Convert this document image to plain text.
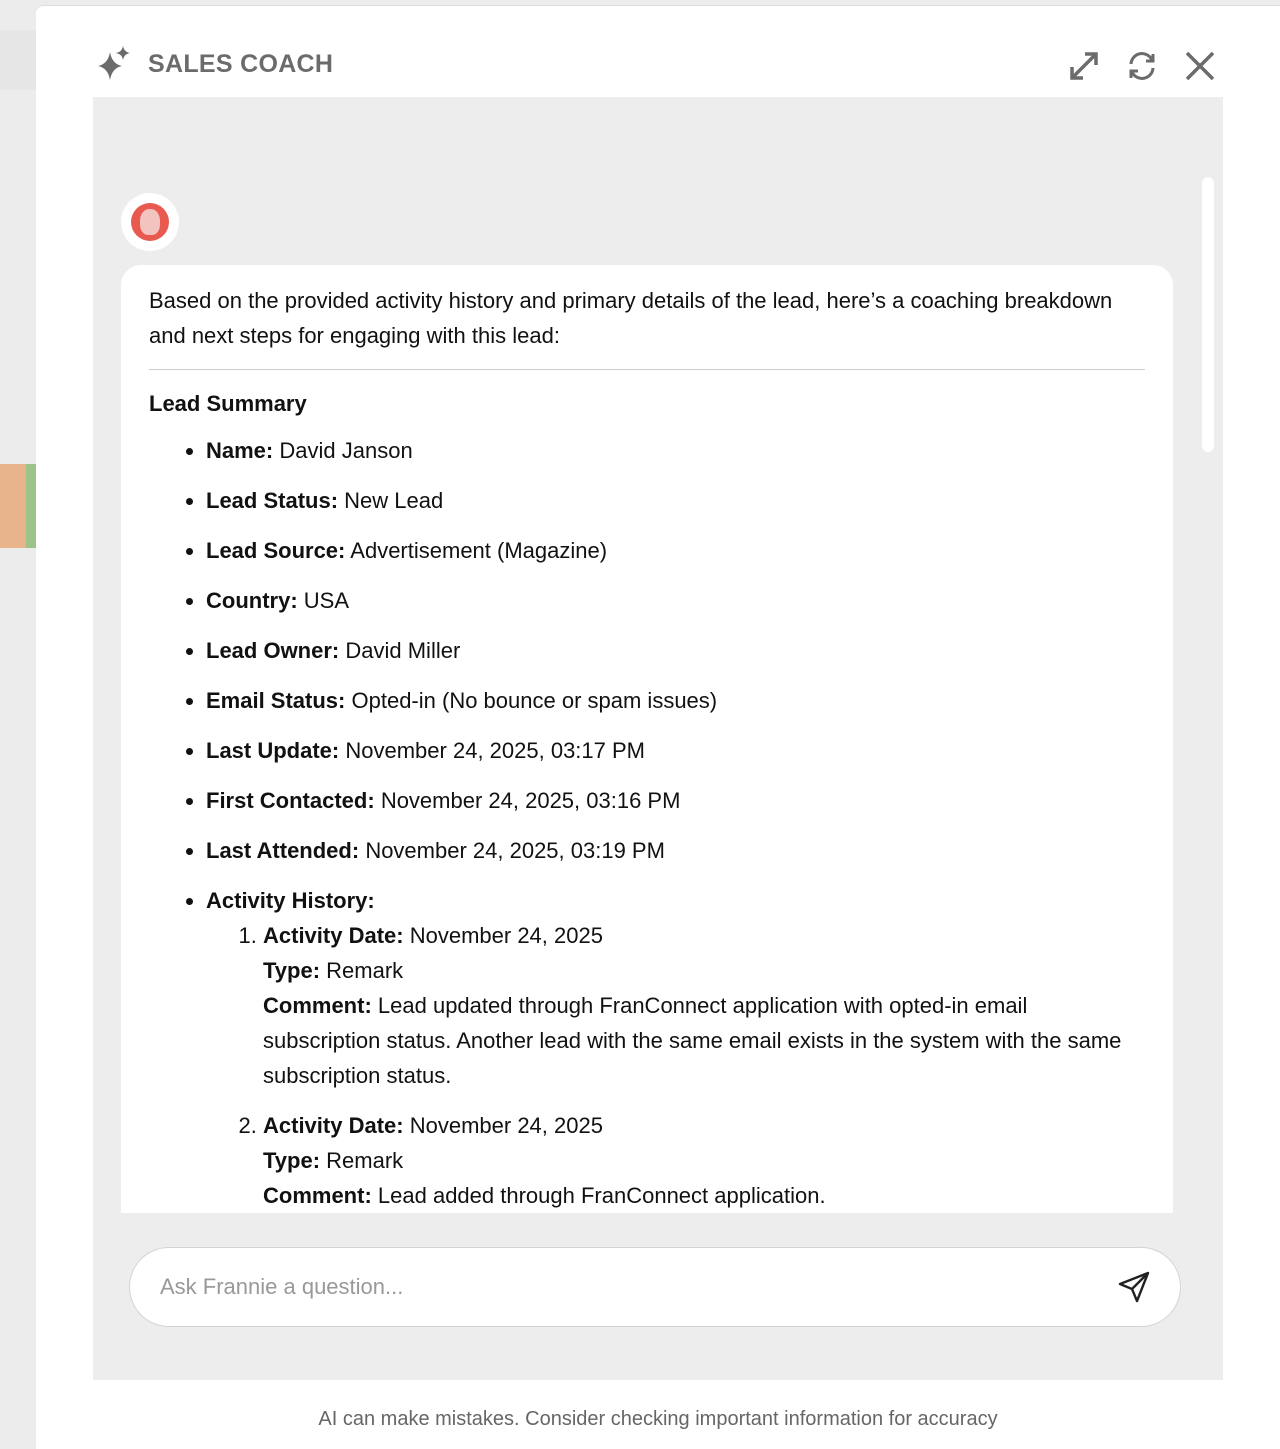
SALES COACH

Based on the provided activity history and primary details of the lead, here’s a coaching breakdown and next steps for engaging with this lead:

Lead Summary
• Name: David Janson
• Lead Status: New Lead
• Lead Source: Advertisement (Magazine)
• Country: USA
• Lead Owner: David Miller
• Email Status: Opted-in (No bounce or spam issues)
• Last Update: November 24, 2025, 03:17 PM
• First Contacted: November 24, 2025, 03:16 PM
• Last Attended: November 24, 2025, 03:19 PM
• Activity History:
1. Activity Date: November 24, 2025
Type: Remark
Comment: Lead updated through FranConnect application with opted-in email subscription status. Another lead with the same email exists in the system with the same subscription status.
2. Activity Date: November 24, 2025
Type: Remark
Comment: Lead added through FranConnect application.
Ask Frannie a question...
AI can make mistakes. Consider checking important information for accuracy
